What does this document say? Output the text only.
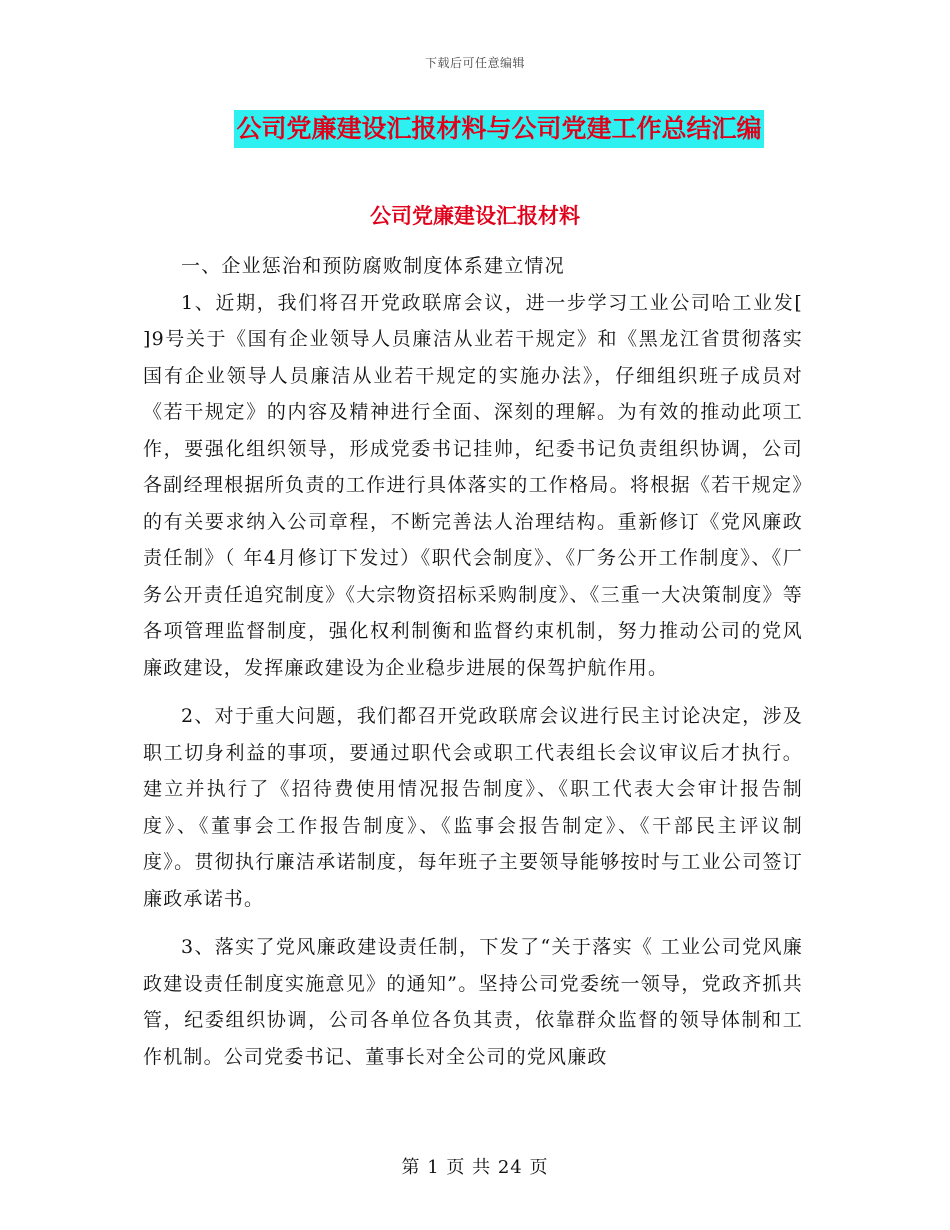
下载后可任意编辑
公司党廉建设汇报材料与公司党建工作总结汇编
公司党廉建设汇报材料

一、企业惩治和预防腐败制度体系建立情况

1、近期，我们将召开党政联席会议，进一步学习工业公司哈工业发[ ]9号关于《国有企业领导人员廉洁从业若干规定》和《黑龙江省贯彻落实国有企业领导人员廉洁从业若干规定的实施办法》，仔细组织班子成员对《若干规定》的内容及精神进行全面、深刻的理解。为有效的推动此项工作，要强化组织领导，形成党委书记挂帅，纪委书记负责组织协调，公司各副经理根据所负责的工作进行具体落实的工作格局。将根据《若干规定》的有关要求纳入公司章程，不断完善法人治理结构。重新修订《党风廉政责任制》（ 年4月修订下发过）《职代会制度》、《厂务公开工作制度》、《厂务公开责任追究制度》《大宗物资招标采购制度》、《三重一大决策制度》等各项管理监督制度，强化权利制衡和监督约束机制，努力推动公司的党风廉政建设，发挥廉政建设为企业稳步进展的保驾护航作用。

2、对于重大问题，我们都召开党政联席会议进行民主讨论决定，涉及职工切身利益的事项，要通过职代会或职工代表组长会议审议后才执行。建立并执行了《招待费使用情况报告制度》、《职工代表大会审计报告制度》、《董事会工作报告制度》、《监事会报告制定》、《干部民主评议制度》。贯彻执行廉洁承诺制度，每年班子主要领导能够按时与工业公司签订廉政承诺书。

3、落实了党风廉政建设责任制，下发了“关于落实《 工业公司党风廉政建设责任制度实施意见》的通知”。坚持公司党委统一领导，党政齐抓共管，纪委组织协调，公司各单位各负其责，依靠群众监督的领导体制和工作机制。公司党委书记、董事长对全公司的党风廉政

第 1 页 共 24 页
